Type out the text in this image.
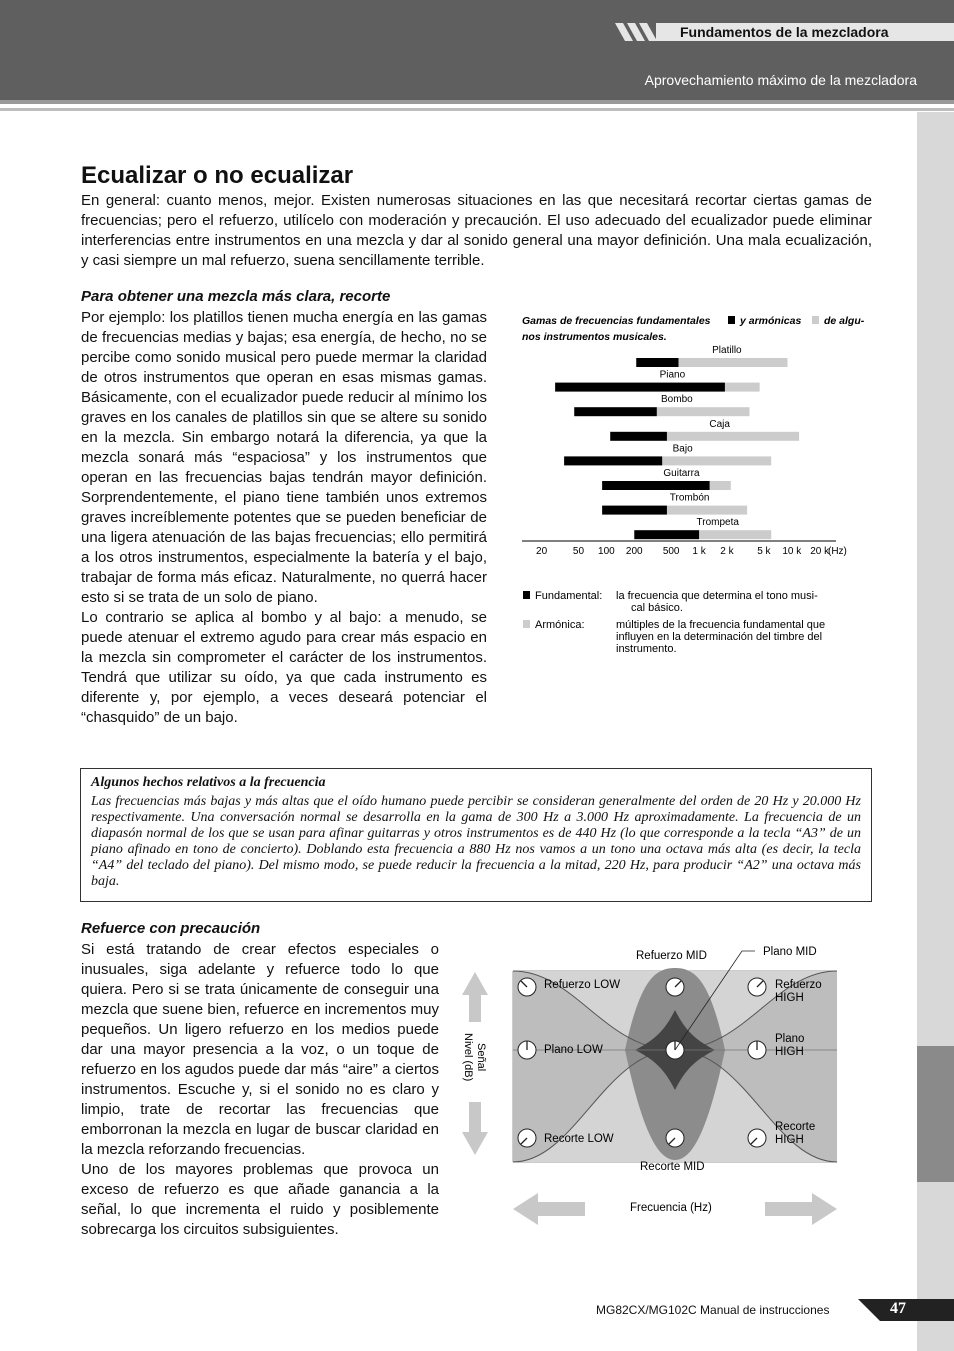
Fundamentos de la mezcladora
Aprovechamiento máximo de la mezcladora
Ecualizar o no ecualizar
En general: cuanto menos, mejor. Existen numerosas situaciones en las que necesitará recortar ciertas gamas de frecuencias; pero el refuerzo, utilícelo con moderación y precaución. El uso adecuado del ecualizador puede eliminar interferencias entre instrumentos en una mezcla y dar al sonido general una mayor definición. Una mala ecualización, y casi siempre un mal refuerzo, suena sencillamente terrible.
Para obtener una mezcla más clara, recorte

Por ejemplo: los platillos tienen mucha energía en las gamas de frecuencias medias y bajas; esa energía, de hecho, no se percibe como sonido musical pero puede mermar la claridad de otros instrumentos que operan en esas mismas gamas. Básicamente, con el ecualizador puede reducir al mínimo los graves en los canales de platillos sin que se altere su sonido en la mezcla. Sin embargo notará la diferencia, ya que la mezcla sonará más “espaciosa” y los instrumentos que operan en las frecuencias bajas tendrán mayor definición. Sorprendentemente, el piano tiene también unos extremos graves increíblemente potentes que se pueden beneficiar de una ligera atenuación de las bajas frecuencias; ello permitirá a los otros instrumentos, especialmente la batería y el bajo, trabajar de forma más eficaz. Naturalmente, no querrá hacer esto si se trata de un solo de piano.

Lo contrario se aplica al bombo y al bajo: a menudo, se puede atenuar el extremo agudo para crear más espacio en la mezcla sin comprometer el carácter de los instrumentos. Tendrá que utilizar su oído, ya que cada instrumento es diferente y, por ejemplo, a veces deseará potenciar el “chasquido” de un bajo.

Gamas de frecuencias fundamentales	y armónicas de algu-
nos instrumentos musicales.
Platillo
Piano
Bombo
Caja
Bajo
Guitarra
Trombón
Trompeta
20	50 100 200 500 1 k 2 k 5 k 10 k 20 k
(Hz)
Fundamental: la frecuencia que determina el tono musi-
cal básico.
Armónica:	múltiples de la frecuencia fundamental que
influyen en la determinación del timbre del
instrumento.
Algunos hechos relativos a la frecuencia
Las frecuencias más bajas y más altas que el oído humano puede percibir se consideran generalmente del orden de 20 Hz y 20.000 Hz respectivamente. Una conversación normal se desarrolla en la gama de 300 Hz a 3.000 Hz aproximadamente. La frecuencia de un diapasón normal de los que se usan para afinar guitarras y otros instrumentos es de 440 Hz (lo que corresponde a la tecla “A3” de un piano afinado en tono de concierto). Doblando esta frecuencia a 880 Hz nos vamos a un tono una octava más alta (es decir, la tecla “A4” del teclado del piano). Del mismo modo, se puede reducir la frecuencia a la mitad, 220 Hz, para producir “A2” una octava más baja.
Refuerce con precaución

Si está tratando de crear efectos especiales o inusuales, siga adelante y refuerce todo lo que quiera. Pero si se trata únicamente de conseguir una mezcla que suene bien, refuerce en incrementos muy pequeños. Un ligero refuerzo en los medios puede dar una mayor presencia a la voz, o un toque de refuerzo en los agudos puede dar más “aire” a ciertos instrumentos. Escuche y, si el sonido no es claro y limpio, trate de recortar las frecuencias que emborronan la mezcla en lugar de buscar claridad en la mezcla reforzando frecuencias.

Uno de los mayores problemas que provoca un exceso de refuerzo es que añade ganancia a la señal, lo que incrementa el ruido y posiblemente sobrecarga los circuitos subsiguientes.

Refuerzo MID	Plano MID
Refuerzo LOW
Plano LOW
Recorte LOW
Recorte MID
Refuerzo
HIGH
Plano
HIGH
Recorte
HIGH
Señal
Nivel (dB)
Frecuencia (Hz)
MG82CX/MG102C Manual de instrucciones	47
